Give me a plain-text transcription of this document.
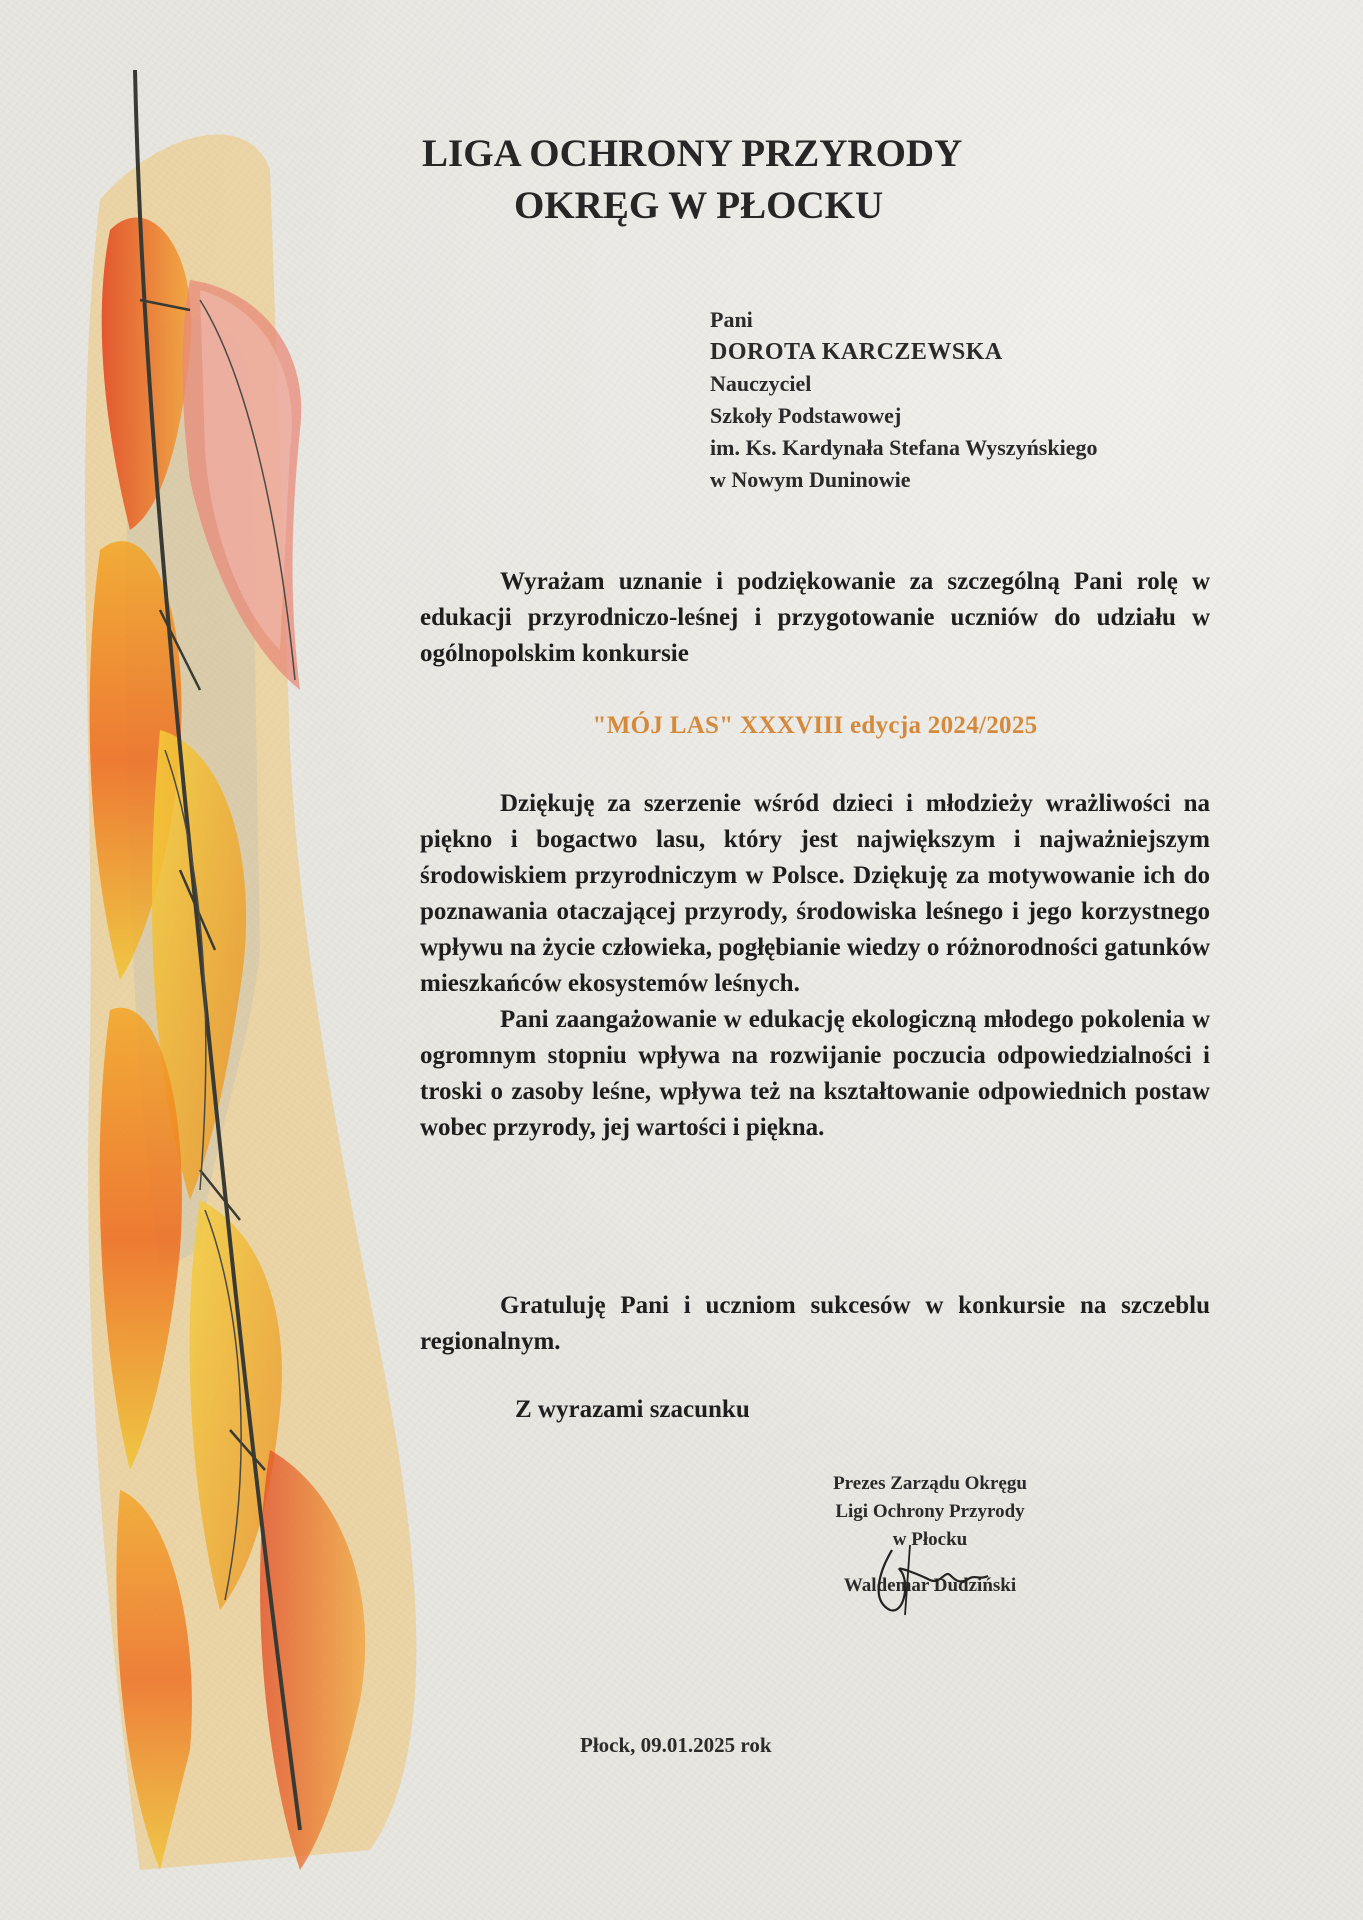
LIGA OCHRONY PRZYRODY
OKRĘG W PŁOCKU
Pani
DOROTA KARCZEWSKA
Nauczyciel
Szkoły Podstawowej
im. Ks. Kardynała Stefana Wyszyńskiego
w Nowym Duninowie

Wyrażam uznanie i podziękowanie za szczególną Pani rolę w edukacji przyrodniczo-leśnej i przygotowanie uczniów do udziału w ogólnopolskim konkursie

"MÓJ LAS" XXXVIII edycja 2024/2025

Dziękuję za szerzenie wśród dzieci i młodzieży wrażliwości na piękno i bogactwo lasu, który jest największym i najważniejszym środowiskiem przyrodniczym w Polsce. Dziękuję za motywowanie ich do poznawania otaczającej przyrody, środowiska leśnego i jego korzystnego wpływu na życie człowieka, pogłębianie wiedzy o różnorodności gatunków mieszkańców ekosystemów leśnych.

Pani zaangażowanie w edukację ekologiczną młodego pokolenia w ogromnym stopniu wpływa na rozwijanie poczucia odpowiedzialności i troski o zasoby leśne, wpływa też na kształtowanie odpowiednich postaw wobec przyrody, jej wartości i piękna.

Gratuluję Pani i uczniom sukcesów w konkursie na szczeblu regionalnym.

Z wyrazami szacunku
Prezes Zarządu Okręgu
Ligi Ochrony Przyrody
w Płocku
Waldemar Dudziński
Płock, 09.01.2025 rok
